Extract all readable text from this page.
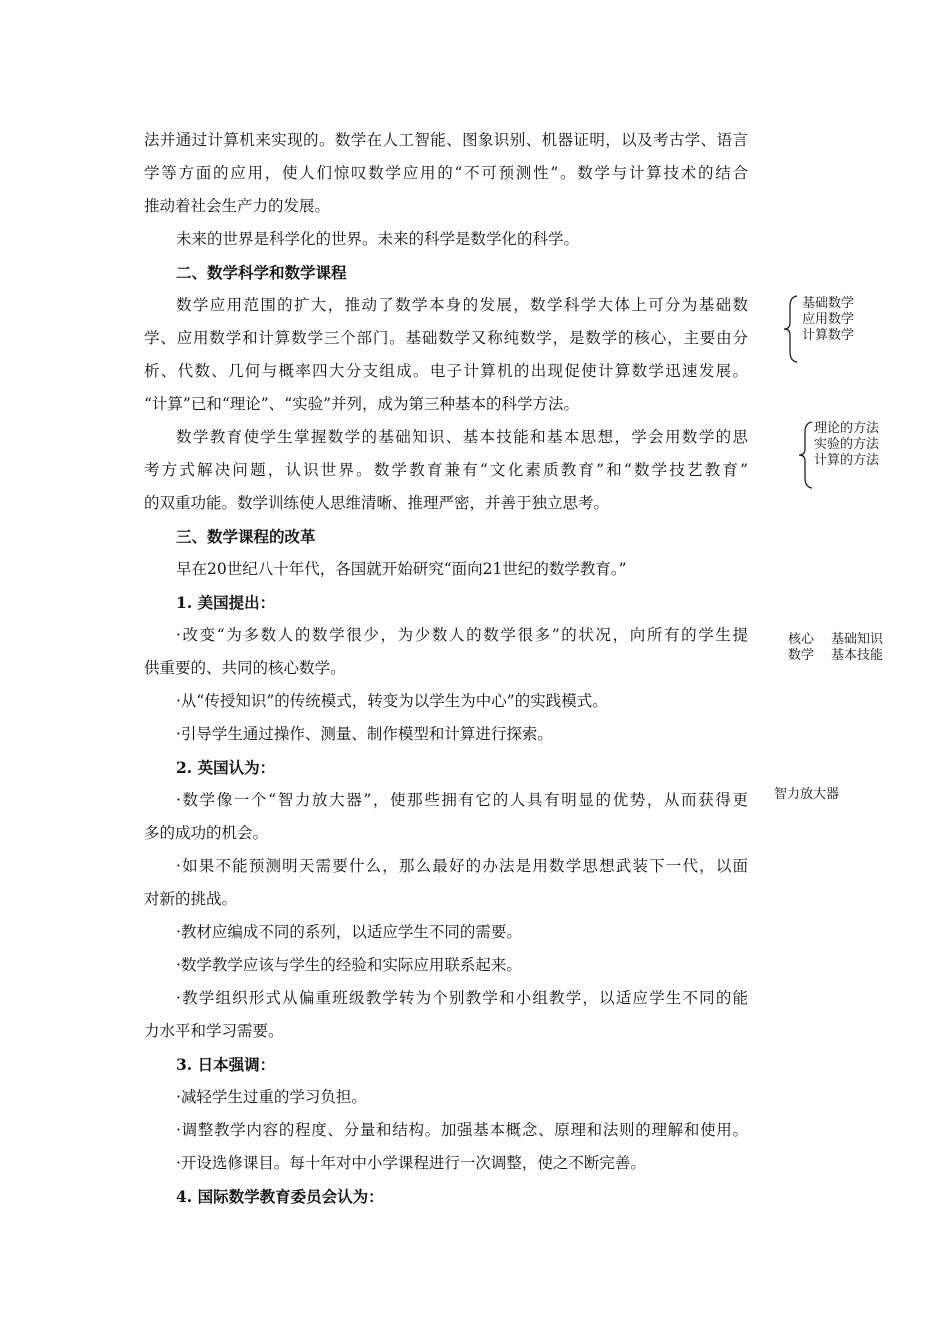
法并通过计算机来实现的。数学在人工智能、图象识别、机器证明，以及考古学、语言
学等方面的应用，使人们惊叹数学应用的“不可预测性”。数学与计算技术的结合
推动着社会生产力的发展。
未来的世界是科学化的世界。未来的科学是数学化的科学。
二、数学科学和数学课程
数学应用范围的扩大，推动了数学本身的发展，数学科学大体上可分为基础数
学、应用数学和计算数学三个部门。基础数学又称纯数学，是数学的核心，主要由分
析、代数、几何与概率四大分支组成。电子计算机的出现促使计算数学迅速发展。
“计算”已和“理论”、“实验”并列，成为第三种基本的科学方法。
数学教育使学生掌握数学的基础知识、基本技能和基本思想，学会用数学的思
考方式解决问题，认识世界。数学教育兼有“文化素质教育”和“数学技艺教育”
的双重功能。数学训练使人思维清晰、推理严密，并善于独立思考。
三、数学课程的改革
早在20世纪八十年代，各国就开始研究“面向21世纪的数学教育。”
1. 美国提出：
·改变“为多数人的数学很少，为少数人的数学很多”的状况，向所有的学生提
供重要的、共同的核心数学。
·从“传授知识”的传统模式，转变为以学生为中心”的实践模式。
·引导学生通过操作、测量、制作模型和计算进行探索。
2. 英国认为：
·数学像一个“智力放大器”，使那些拥有它的人具有明显的优势，从而获得更
多的成功的机会。
·如果不能预测明天需要什么，那么最好的办法是用数学思想武装下一代，以面
对新的挑战。
·教材应编成不同的系列，以适应学生不同的需要。
·数学教学应该与学生的经验和实际应用联系起来。
·教学组织形式从偏重班级教学转为个别教学和小组教学，以适应学生不同的能
力水平和学习需要。
3. 日本强调：
·减轻学生过重的学习负担。
·调整教学内容的程度、分量和结构。加强基本概念、原理和法则的理解和使用。
·开设选修课目。每十年对中小学课程进行一次调整，使之不断完善。
4. 国际数学教育委员会认为：
基础数学
应用数学
计算数学
理论的方法
实验的方法
计算的方法
核心
数学
基础知识
基本技能
智力放大器
